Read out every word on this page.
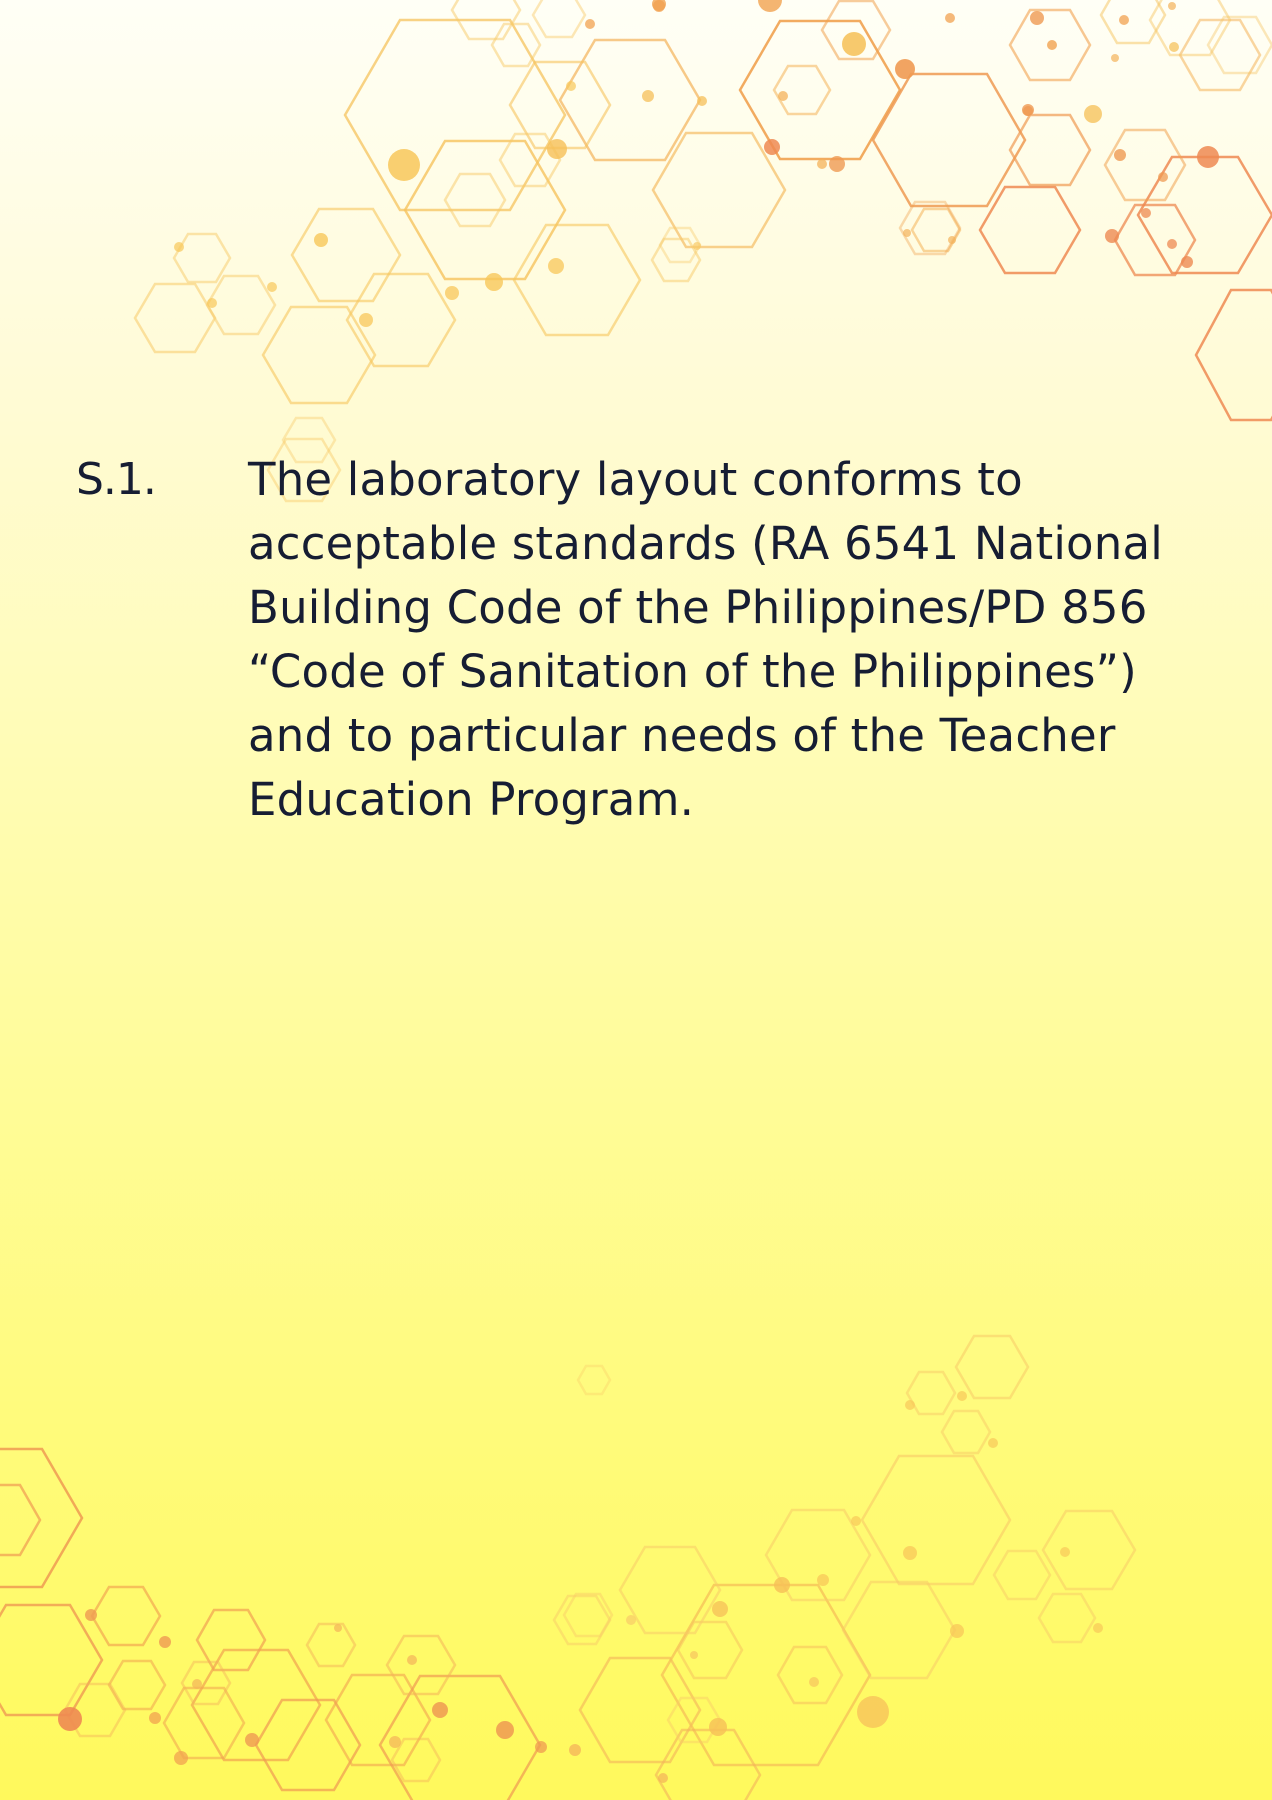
S.1. The laboratory layout conforms to
acceptable standards (RA 6541 National
Building Code of the Philippines/PD 856
“Code of Sanitation of the Philippines”)
and to particular needs of the Teacher
Education Program.
